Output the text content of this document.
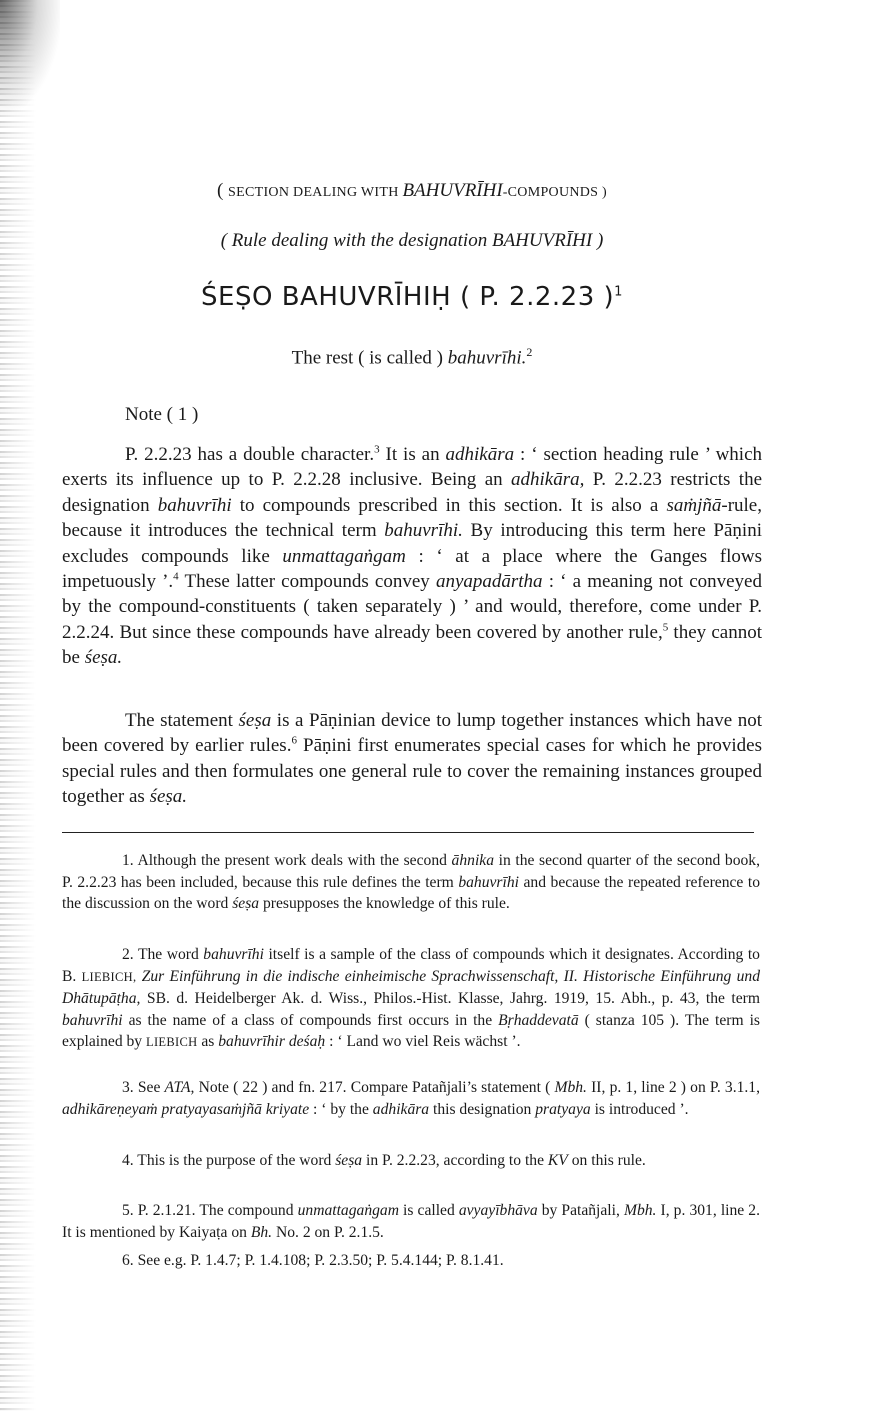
( SECTION DEALING WITH BAHUVRĪHI-COMPOUNDS )
( Rule dealing with the designation BAHUVRĪHI )
ŚEṢO BAHUVRĪHIḤ ( P. 2.2.23 )$^1$
The rest ( is called ) bahuvrīhi.$^2$
Note ( 1 )

P. 2.2.23 has a double character.$^3$ It is an adhikāra : ‘ section heading rule ’ which exerts its influence up to P. 2.2.28 inclusive. Being an adhikāra, P. 2.2.23 restricts the designation bahuvrīhi to compounds prescribed in this section. It is also a saṁjñā-rule, because it introduces the technical term bahuvrīhi. By introducing this term here Pāṇini excludes compounds like unmattagaṅgam : ‘ at a place where the Ganges flows impetuously ’.$^4$ These latter compounds convey anyapadārtha : ‘ a meaning not conveyed by the compound-constituents ( taken separately ) ’ and would, therefore, come under P. 2.2.24. But since these compounds have already been covered by another rule,$^5$ they cannot be śeṣa.

The statement śeṣa is a Pāṇinian device to lump together instances which have not been covered by earlier rules.$^6$ Pāṇini first enumerates special cases for which he provides special rules and then formulates one general rule to cover the remaining instances grouped together as śeṣa.

1. Although the present work deals with the second āhnika in the second quarter of the second book, P. 2.2.23 has been included, because this rule defines the term bahuvrīhi and because the repeated reference to the discussion on the word śeṣa presupposes the knowledge of this rule.

2. The word bahuvrīhi itself is a sample of the class of compounds which it designates. According to B. LIEBICH, Zur Einführung in die indische einheimische Sprachwissenschaft, II. Historische Einführung und Dhātupāṭha, SB. d. Heidelberger Ak. d. Wiss., Philos.-Hist. Klasse, Jahrg. 1919, 15. Abh., p. 43, the term bahuvrīhi as the name of a class of compounds first occurs in the Bṛhaddevatā ( stanza 105 ). The term is explained by LIEBICH as bahuvrīhir deśaḥ : ‘ Land wo viel Reis wächst ’.

3. See ATA, Note ( 22 ) and fn. 217. Compare Patañjali’s statement ( Mbh. II, p. 1, line 2 ) on P. 3.1.1, adhikāreṇeyaṁ pratyayasaṁjñā kriyate : ‘ by the adhikāra this designation pratyaya is introduced ’.

4. This is the purpose of the word śeṣa in P. 2.2.23, according to the KV on this rule.

5. P. 2.1.21. The compound unmattagaṅgam is called avyayībhāva by Patañjali, Mbh. I, p. 301, line 2. It is mentioned by Kaiyaṭa on Bh. No. 2 on P. 2.1.5.

6. See e.g. P. 1.4.7; P. 1.4.108; P. 2.3.50; P. 5.4.144; P. 8.1.41.
